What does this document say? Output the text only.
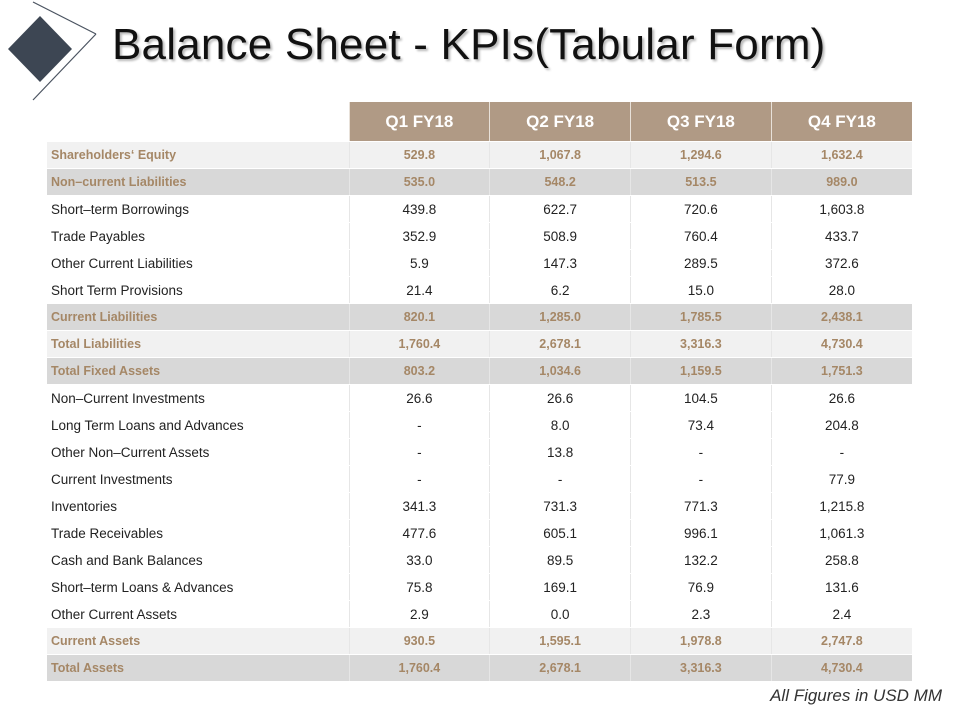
Balance Sheet - KPIs(Tabular Form)
	Q1 FY18	Q2 FY18	Q3 FY18	Q4 FY18
Shareholders‘ Equity	529.8	1,067.8	1,294.6	1,632.4
Non–current Liabilities	535.0	548.2	513.5	989.0
Short–term Borrowings	439.8	622.7	720.6	1,603.8
Trade Payables	352.9	508.9	760.4	433.7
Other Current Liabilities	5.9	147.3	289.5	372.6
Short Term Provisions	21.4	6.2	15.0	28.0
Current Liabilities	820.1	1,285.0	1,785.5	2,438.1
Total Liabilities	1,760.4	2,678.1	3,316.3	4,730.4
Total Fixed Assets	803.2	1,034.6	1,159.5	1,751.3
Non–Current Investments	26.6	26.6	104.5	26.6
Long Term Loans and Advances	-	8.0	73.4	204.8
Other Non–Current Assets	-	13.8	-	-
Current Investments	-	-	-	77.9
Inventories	341.3	731.3	771.3	1,215.8
Trade Receivables	477.6	605.1	996.1	1,061.3
Cash and Bank Balances	33.0	89.5	132.2	258.8
Short–term Loans & Advances	75.8	169.1	76.9	131.6
Other Current Assets	2.9	0.0	2.3	2.4
Current Assets	930.5	1,595.1	1,978.8	2,747.8
Total Assets	1,760.4	2,678.1	3,316.3	4,730.4
All Figures in USD MM
